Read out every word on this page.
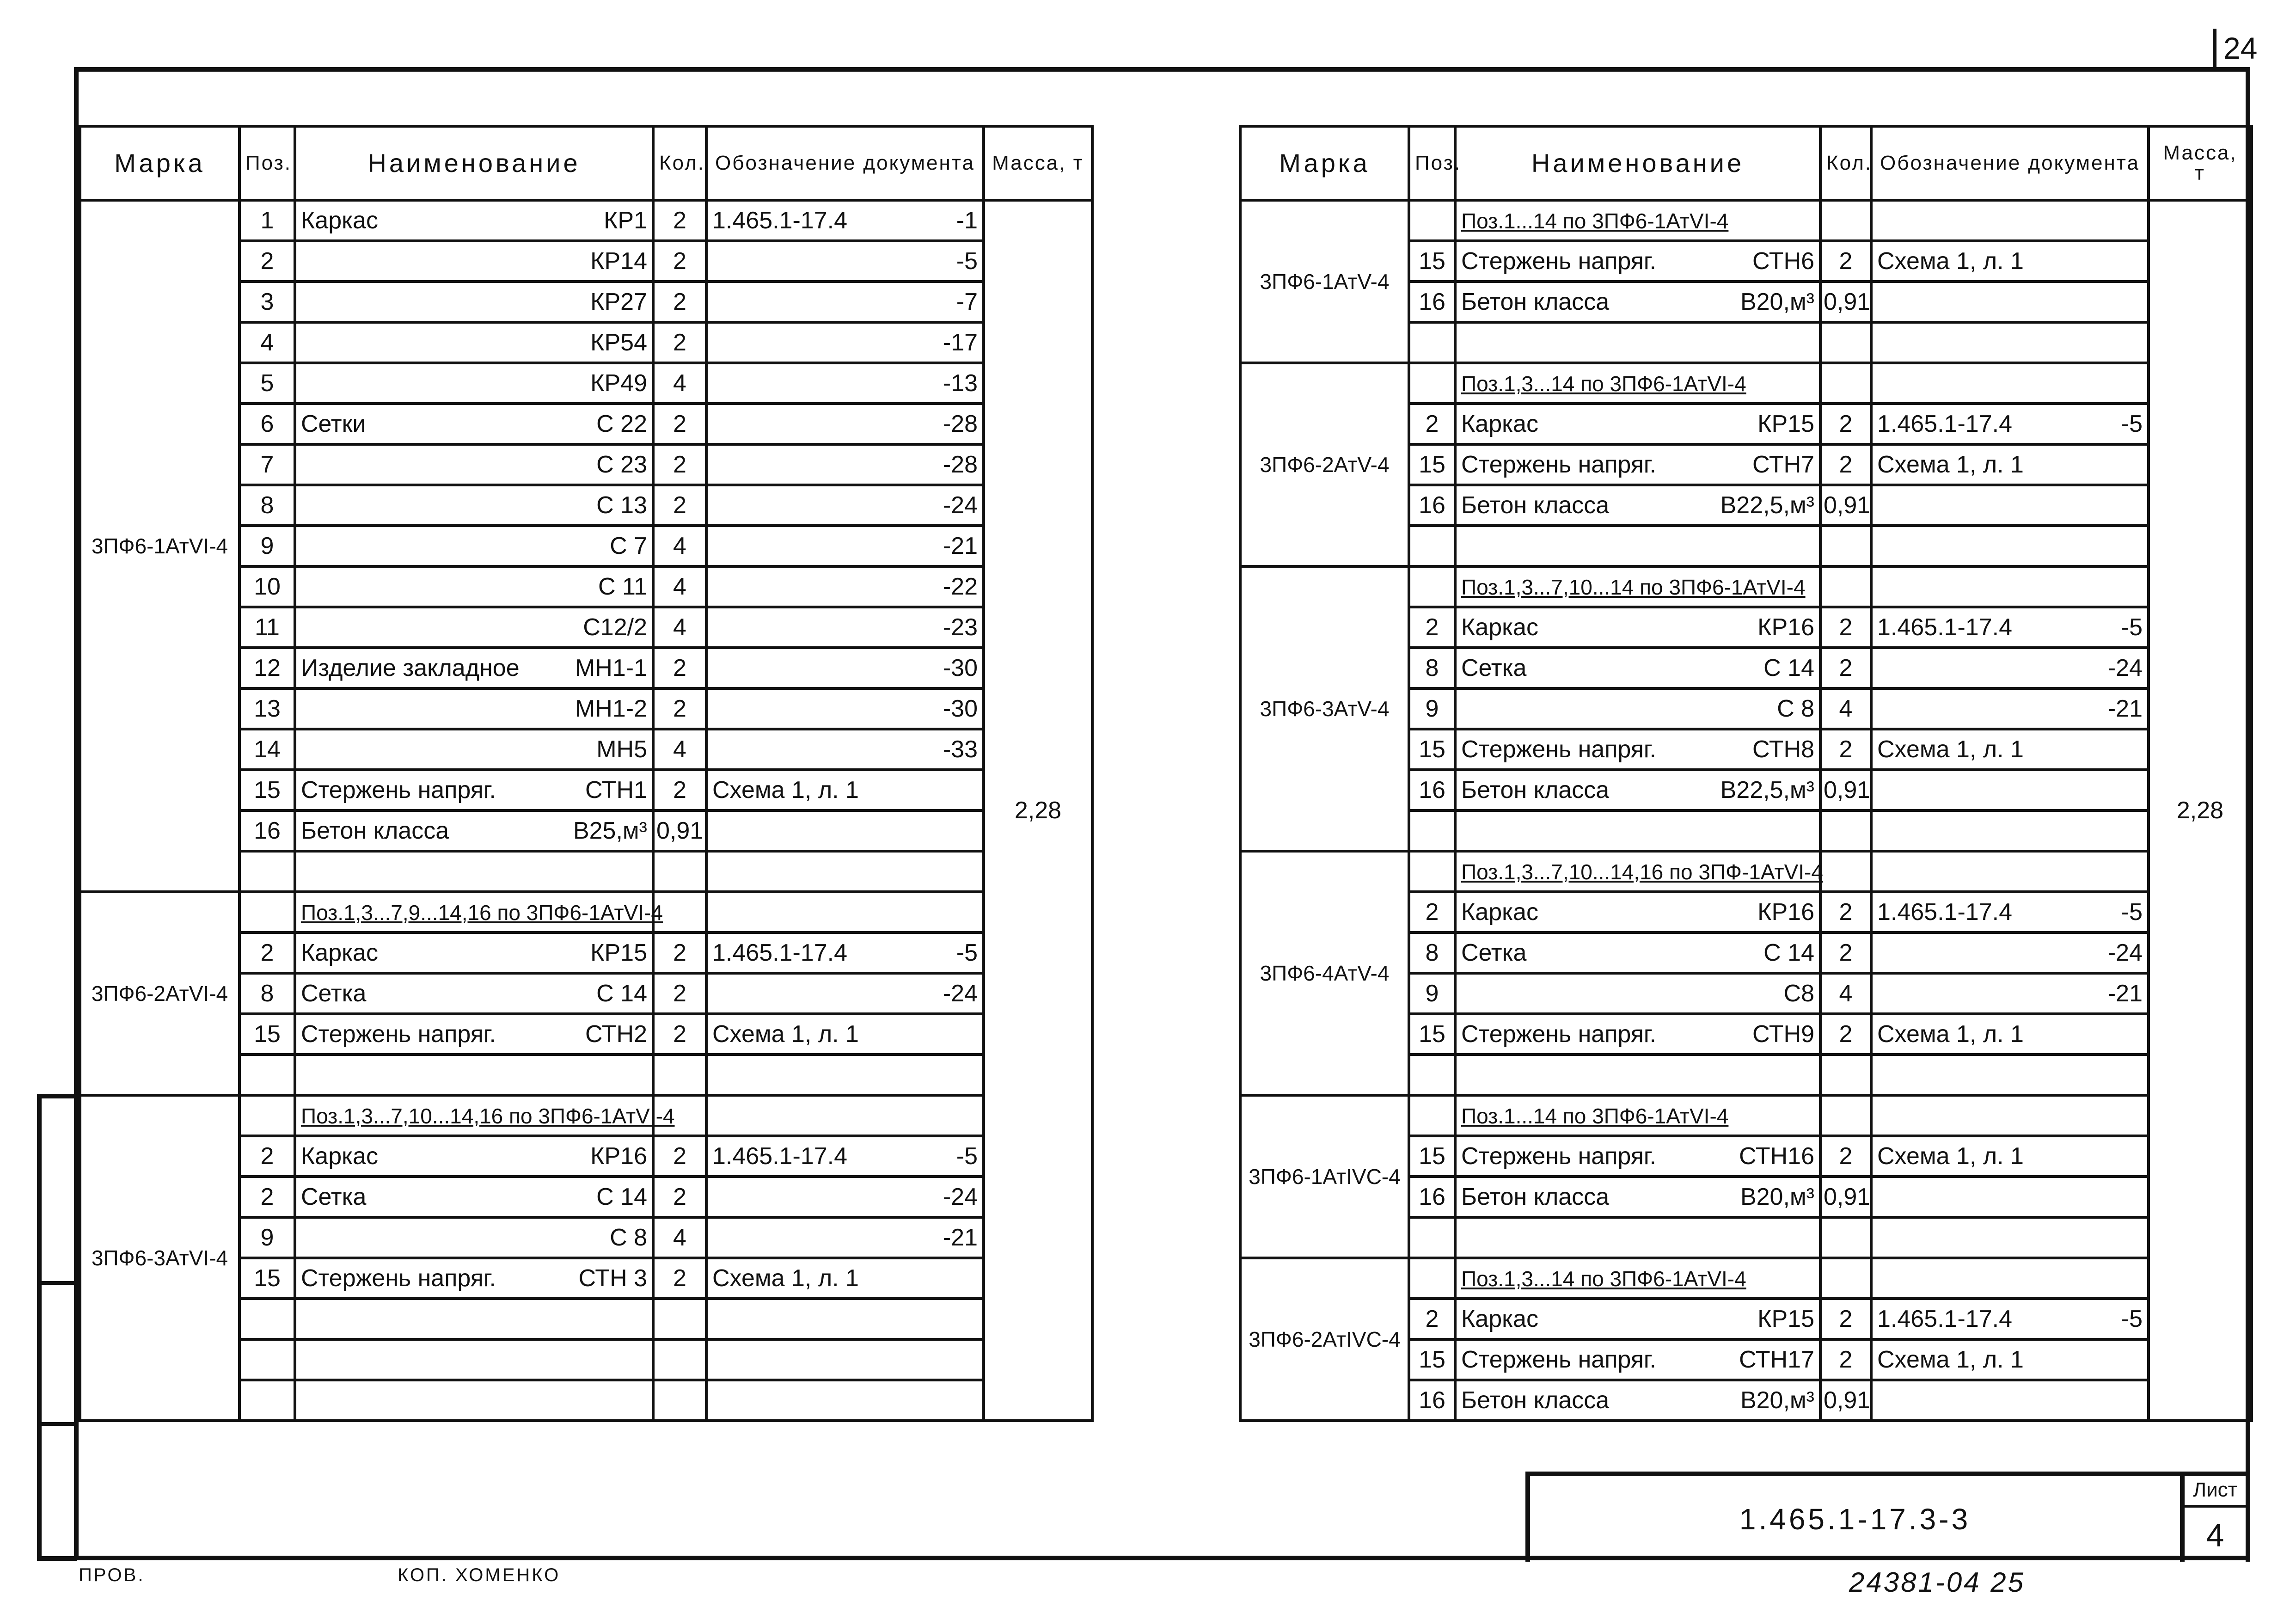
24
Марка	Поз.	Наименование	Кол.	Обозначение документа	Масса, т
3ПФ6-1АтVI-4	1	Каркас КР1	2	1.465.1-17.4 -1	2,28
	2	КР14	2	-5	

	3	КР27	2	-7	

	4	КР54	2	-17	

	5	КР49	4	-13	

	6	Сетки С 22	2	-28	

	7	С 23	2	-28	

	8	С 13	2	-24	

	9	С 7	4	-21	

	10	С 11	4	-22	

	11	С12/2	4	-23	

	12	Изделие закладное МН1-1	2	-30	

	13	МН1-2	2	-30	

	14	МН5	4	-33	

	15	Стержень напряг. СТН1	2	Схема 1, л. 1	

	16	Бетон класса В25,м³	0,91		

3ПФ6-2АтVI-4		Поз.1,3...7,9...14,16 по 3ПФ6-1АтVI-4			

	2	Каркас КР15	2	1.465.1-17.4 -5	

	8	Сетка С 14	2	-24	

	15	Стержень напряг. СТН2	2	Схема 1, л. 1	

3ПФ6-3АтVI-4		Поз.1,3...7,10...14,16 по 3ПФ6-1АтVI-4			

	2	Каркас КР16	2	1.465.1-17.4 -5	

	2	Сетка С 14	2	-24	

	9	С 8	4	-21	

	15	Стержень напряг. СТН 3	2	Схема 1, л. 1	

Марка	Поз.	Наименование	Кол.	Обозначение документа	Масса, т
3ПФ6-1АтV-4		Поз.1...14 по 3ПФ6-1АтVI-4			2,28
	15	Стержень напряг. СТН6	2	Схема 1, л. 1	

	16	Бетон класса В20,м³	0,91		

3ПФ6-2АтV-4		Поз.1,3...14 по 3ПФ6-1АтVI-4			

	2	Каркас КР15	2	1.465.1-17.4 -5	

	15	Стержень напряг. СТН7	2	Схема 1, л. 1	

	16	Бетон класса В22,5,м³	0,91		

3ПФ6-3АтV-4		Поз.1,3...7,10...14 по 3ПФ6-1АтVI-4			

	2	Каркас КР16	2	1.465.1-17.4 -5	

	8	Сетка С 14	2	-24	

	9	С 8	4	-21	

	15	Стержень напряг. СТН8	2	Схема 1, л. 1	

	16	Бетон класса В22,5,м³	0,91		

3ПФ6-4АтV-4		Поз.1,3...7,10...14,16 по 3ПФ-1АтVI-4			

	2	Каркас КР16	2	1.465.1-17.4 -5	

	8	Сетка С 14	2	-24	

	9	С8	4	-21	

	15	Стержень напряг. СТН9	2	Схема 1, л. 1	

3ПФ6-1АтIVС-4		Поз.1...14 по 3ПФ6-1АтVI-4			

	15	Стержень напряг. СТН16	2	Схема 1, л. 1	

	16	Бетон класса В20,м³	0,91		

3ПФ6-2АтIVС-4		Поз.1,3...14 по 3ПФ6-1АтVI-4			

	2	Каркас КР15	2	1.465.1-17.4 -5	

	15	Стержень напряг. СТН17	2	Схема 1, л. 1	

	16	Бетон класса В20,м³	0,91		
1.465.1-17.3-3
Лист
4
ПРОВ.	КОП. ХОМЕНКО	24381-04 25
